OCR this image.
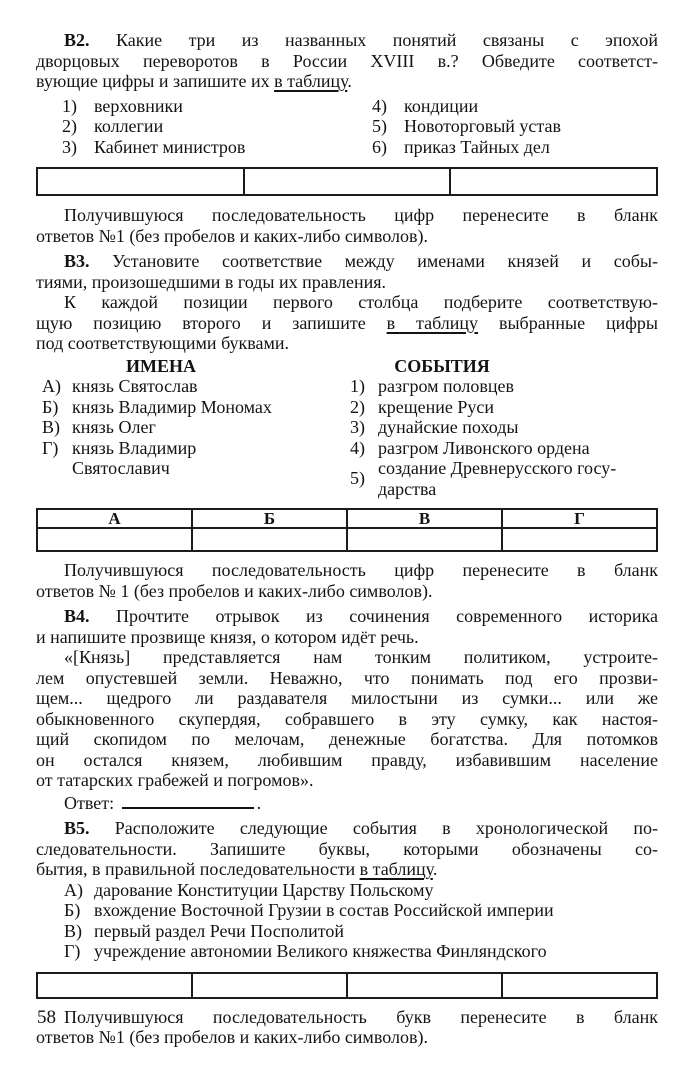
В2. Какие три из названных понятий связаны с эпохой
дворцовых переворотов в России XVIII в.? Обведите соответст-
вующие цифры и запишите их в таблицу.
1) верховники
2) коллегии
3) Кабинет министров
4) кондиции
5) Новоторговый устав
6) приказ Тайных дел

Получившуюся последовательность цифр перенесите в бланк
ответов №1 (без пробелов и каких-либо символов).
В3. Установите соответствие между именами князей и собы-
тиями, произошедшими в годы их правления.
К каждой позиции первого столбца подберите соответствую-
щую позицию второго и запишите в таблицу выбранные цифры
под соответствующими буквами.
ИМЕНА
А) князь Святослав
Б) князь Владимир Мономах
В) князь Олег
Г) князь Владимир Святославич
СОБЫТИЯ
1) разгром половцев
2) крещение Руси
3) дунайские походы
4) разгром Ливонского ордена
5)
создание Древнерусского госу-
дарства
А	Б	В	Г

Получившуюся последовательность цифр перенесите в бланк
ответов № 1 (без пробелов и каких-либо символов).
В4. Прочтите отрывок из сочинения современного историка
и напишите прозвище князя, о котором идёт речь.
«[Князь] представляется нам тонким политиком, устроите-
лем опустевшей земли. Неважно, что понимать под его прозви-
щем... щедрого ли раздавателя милостыни из сумки... или же
обыкновенного скупердяя, собравшего в эту сумку, как настоя-
щий скопидом по мелочам, денежные богатства. Для потомков
он остался князем, любившим правду, избавившим население
от татарских грабежей и погромов».
Ответ:	.
В5. Расположите следующие события в хронологической по-
следовательности. Запишите буквы, которыми обозначены со-
бытия, в правильной последовательности в таблицу.
А) дарование Конституции Царству Польскому
Б) вхождение Восточной Грузии в состав Российской империи
В) первый раздел Речи Посполитой
Г) учреждение автономии Великого княжества Финляндского

Получившуюся последовательность букв перенесите в бланк
ответов №1 (без пробелов и каких-либо символов).
58
